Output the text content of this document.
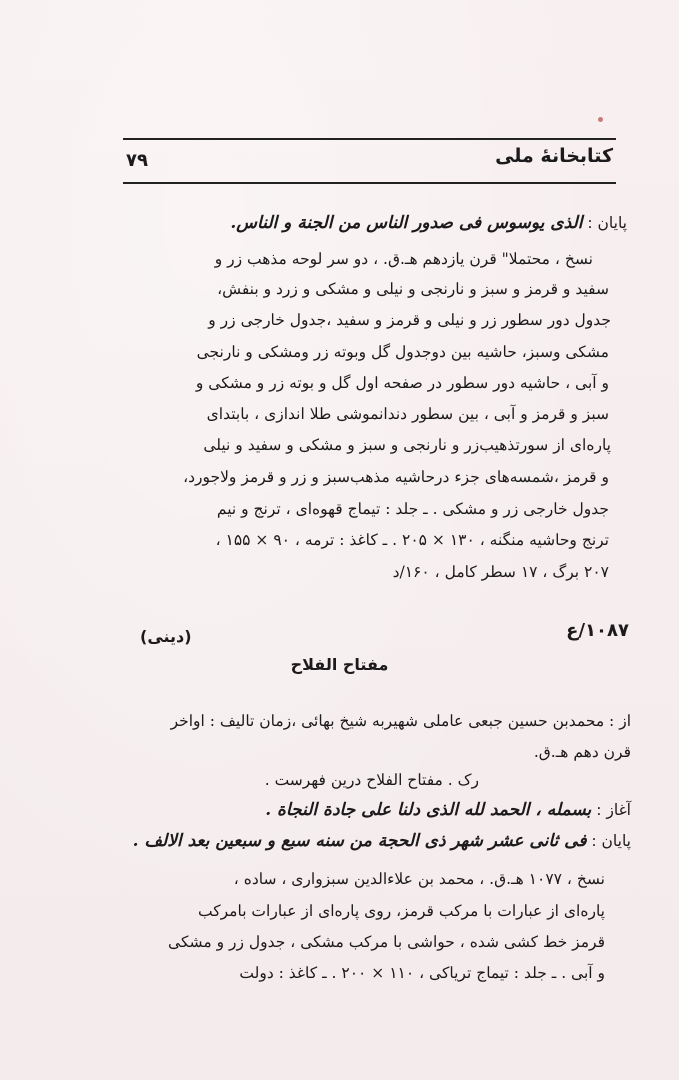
کتابخانهٔ ملی
۷۹
پایان : الذی یوسوس فی صدور الناس من الجنة و الناس.
نسخ ، محتملا" قرن یازدهم هـ.ق. ، دو سر لوحه مذهب زر و
سفید و قرمز و سبز و نارنجی و نیلی و مشکی و زرد و بنفش،
جدول دور سطور زر و نیلی و قرمز و سفید ،جدول خارجی زر و
مشکی وسبز، حاشیه بین دوجدول گل وبوته زر ومشکی و نارنجی
و آبی ، حاشیه دور سطور در صفحه اول گل و بوته زر و مشکی و
سبز و قرمز و آبی ، بین سطور دندانموشی طلا اندازی ، بابتدای
پاره‌ای از سورتذهیب‌زر و نارنجی و سبز و مشکی و سفید و نیلی
و قرمز ،شمسه‌های جزء درحاشیه مذهب‌سبز و زر و قرمز ولاجورد،
جدول خارجی زر و مشکی . ـ جلد : تیماج قهوه‌ای ، ترنج و نیم
ترنج وحاشیه منگنه ، ۱۳۰ × ۲۰۵ . ـ کاغذ : ترمه ، ۹۰ × ۱۵۵ ،
۲۰۷ برگ ، ۱۷ سطر کامل ، ۱۶۰/د
۱۰۸۷/ع
(دینی)
مفتاح الفلاح
از : محمدبن حسین جبعی عاملی شهیربه شیخ بهائی ،زمان تالیف : اواخر
قرن دهم هـ.ق.
رک . مفتاح الفلاح درین فهرست .
آغاز : بسمله ، الحمد لله الذی دلنا علی جادة النجاة .
پایان : فی ثانی عشر شهر ذی الحجة من سنه سبع و سبعین بعد الالف .
نسخ ، ۱۰۷۷ هـ.ق. ، محمد بن علاءالدین سبزواری ، ساده ،
پاره‌ای از عبارات با مرکب قرمز، روی پاره‌ای از عبارات بامرکب
قرمز خط کشی شده ، حواشی با مرکب مشکی ، جدول زر و مشکی
و آبی . ـ جلد : تیماج تریاکی ، ۱۱۰ × ۲۰۰ . ـ کاغذ : دولت
